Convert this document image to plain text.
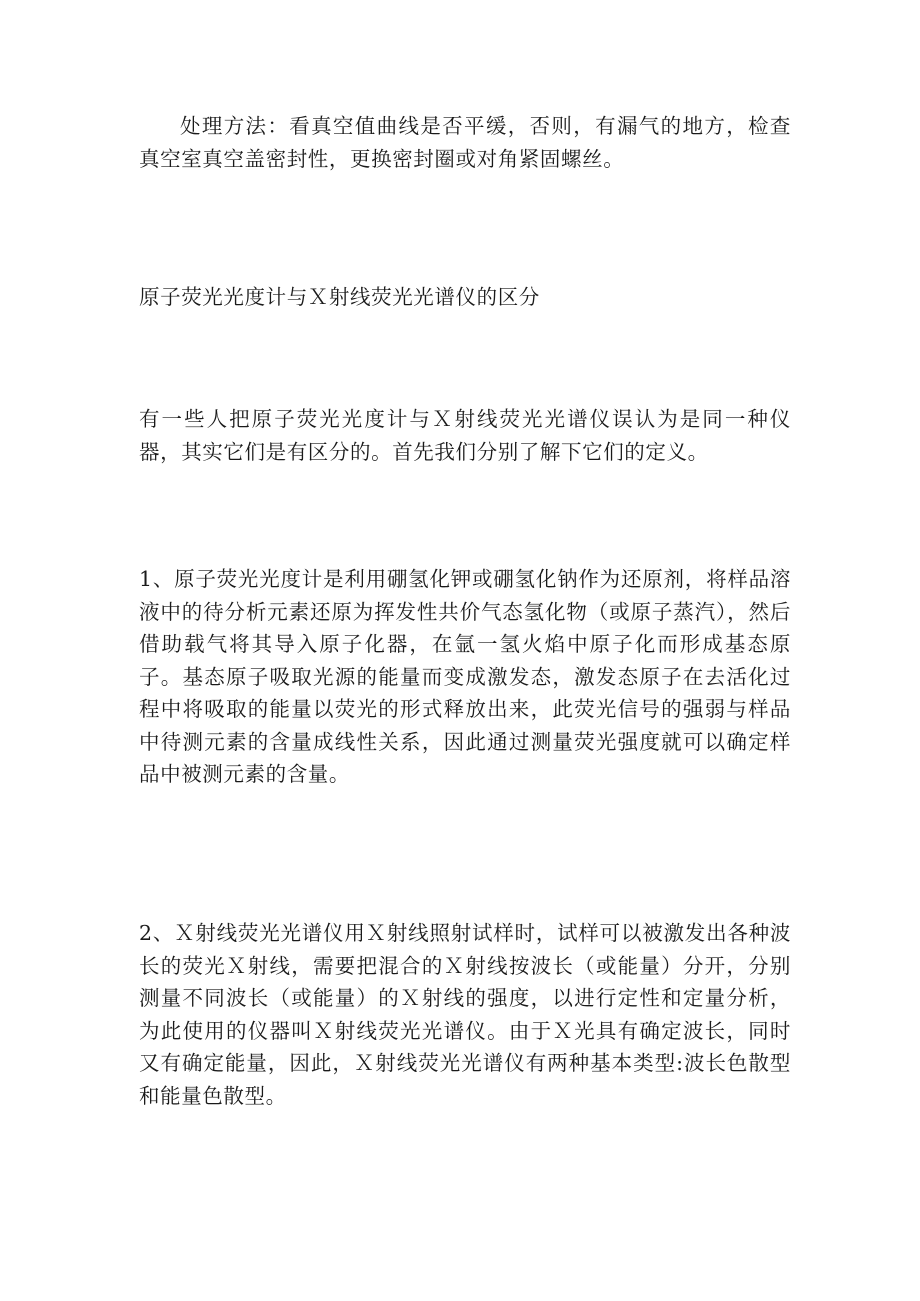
处理方法：看真空值曲线是否平缓，否则，有漏气的地方，检查真空室真空盖密封性，更换密封圈或对角紧固螺丝。

原子荧光光度计与Ｘ射线荧光光谱仪的区分

有一些人把原子荧光光度计与Ｘ射线荧光光谱仪误认为是同一种仪器，其实它们是有区分的。首先我们分别了解下它们的定义。

1、原子荧光光度计是利用硼氢化钾或硼氢化钠作为还原剂，将样品溶液中的待分析元素还原为挥发性共价气态氢化物（或原子蒸汽），然后借助载气将其导入原子化器，在氩一氢火焰中原子化而形成基态原子。基态原子吸取光源的能量而变成激发态，激发态原子在去活化过程中将吸取的能量以荧光的形式释放出来，此荧光信号的强弱与样品中待测元素的含量成线性关系，因此通过测量荧光强度就可以确定样品中被测元素的含量。

2、Ｘ射线荧光光谱仪用Ｘ射线照射试样时，试样可以被激发出各种波长的荧光Ｘ射线，需要把混合的Ｘ射线按波长（或能量）分开，分别测量不同波长（或能量）的Ｘ射线的强度，以进行定性和定量分析，为此使用的仪器叫Ｘ射线荧光光谱仪。由于Ｘ光具有确定波长，同时又有确定能量，因此，Ｘ射线荧光光谱仪有两种基本类型:波长色散型和能量色散型。
